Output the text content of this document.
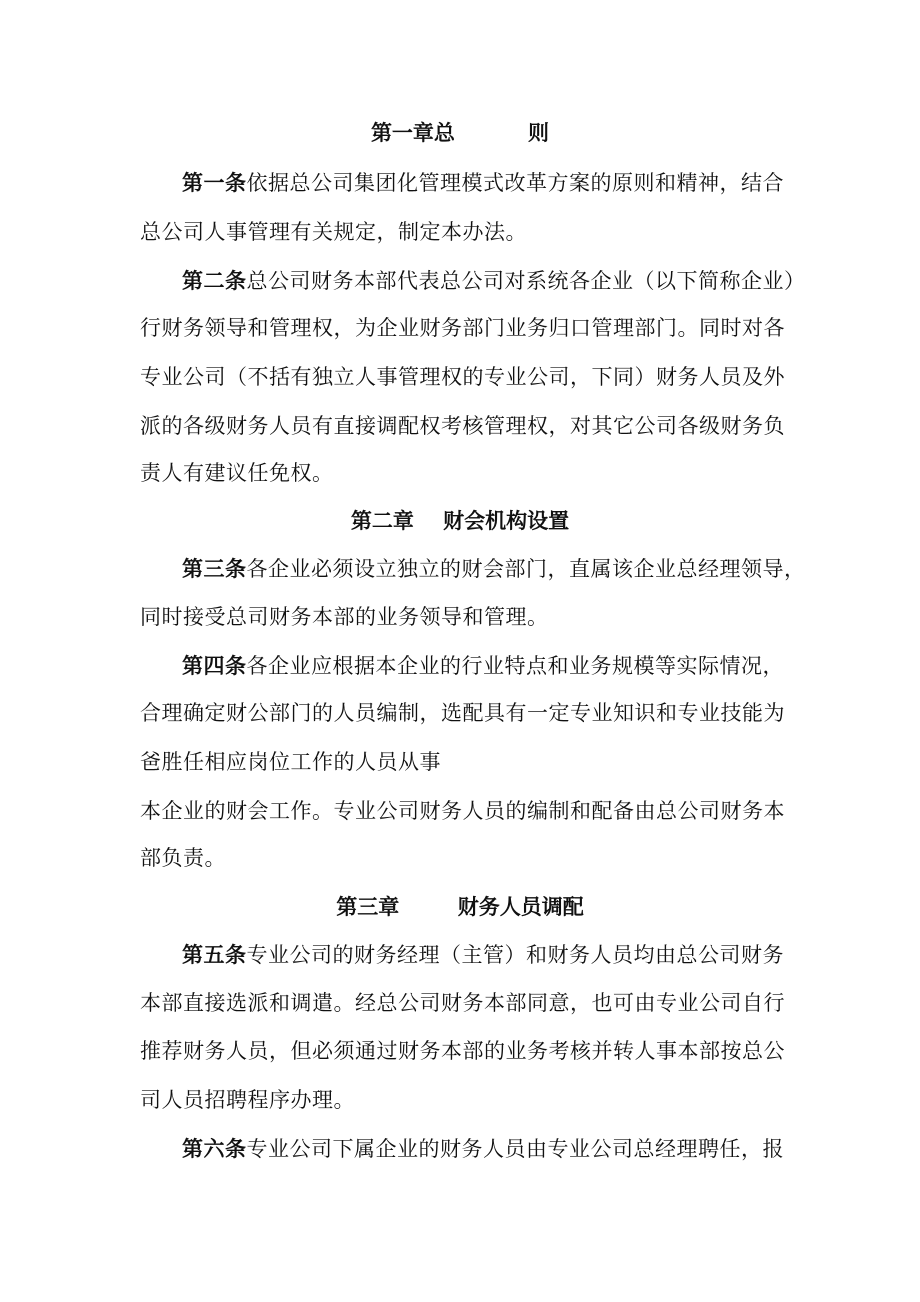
第一章总          则
第一条依据总公司集团化管理模式改革方案的原则和精神，结合
总公司人事管理有关规定，制定本办法。
第二条总公司财务本部代表总公司对系统各企业（以下简称企业）
行财务领导和管理权，为企业财务部门业务归口管理部门。同时对各
专业公司（不括有独立人事管理权的专业公司，下同）财务人员及外
派的各级财务人员有直接调配权考核管理权，对其它公司各级财务负
责人有建议任免权。
第二章    财会机构设置
第三条各企业必须设立独立的财会部门，直属该企业总经理领导，
同时接受总司财务本部的业务领导和管理。
第四条各企业应根据本企业的行业特点和业务规模等实际情况，
合理确定财公部门的人员编制，选配具有一定专业知识和专业技能为
爸胜任相应岗位工作的人员从事
本企业的财会工作。专业公司财务人员的编制和配备由总公司财务本
部负责。
第三章        财务人员调配
第五条专业公司的财务经理（主管）和财务人员均由总公司财务
本部直接选派和调遣。经总公司财务本部同意，也可由专业公司自行
推荐财务人员，但必须通过财务本部的业务考核并转人事本部按总公
司人员招聘程序办理。
第六条专业公司下属企业的财务人员由专业公司总经理聘任，报
